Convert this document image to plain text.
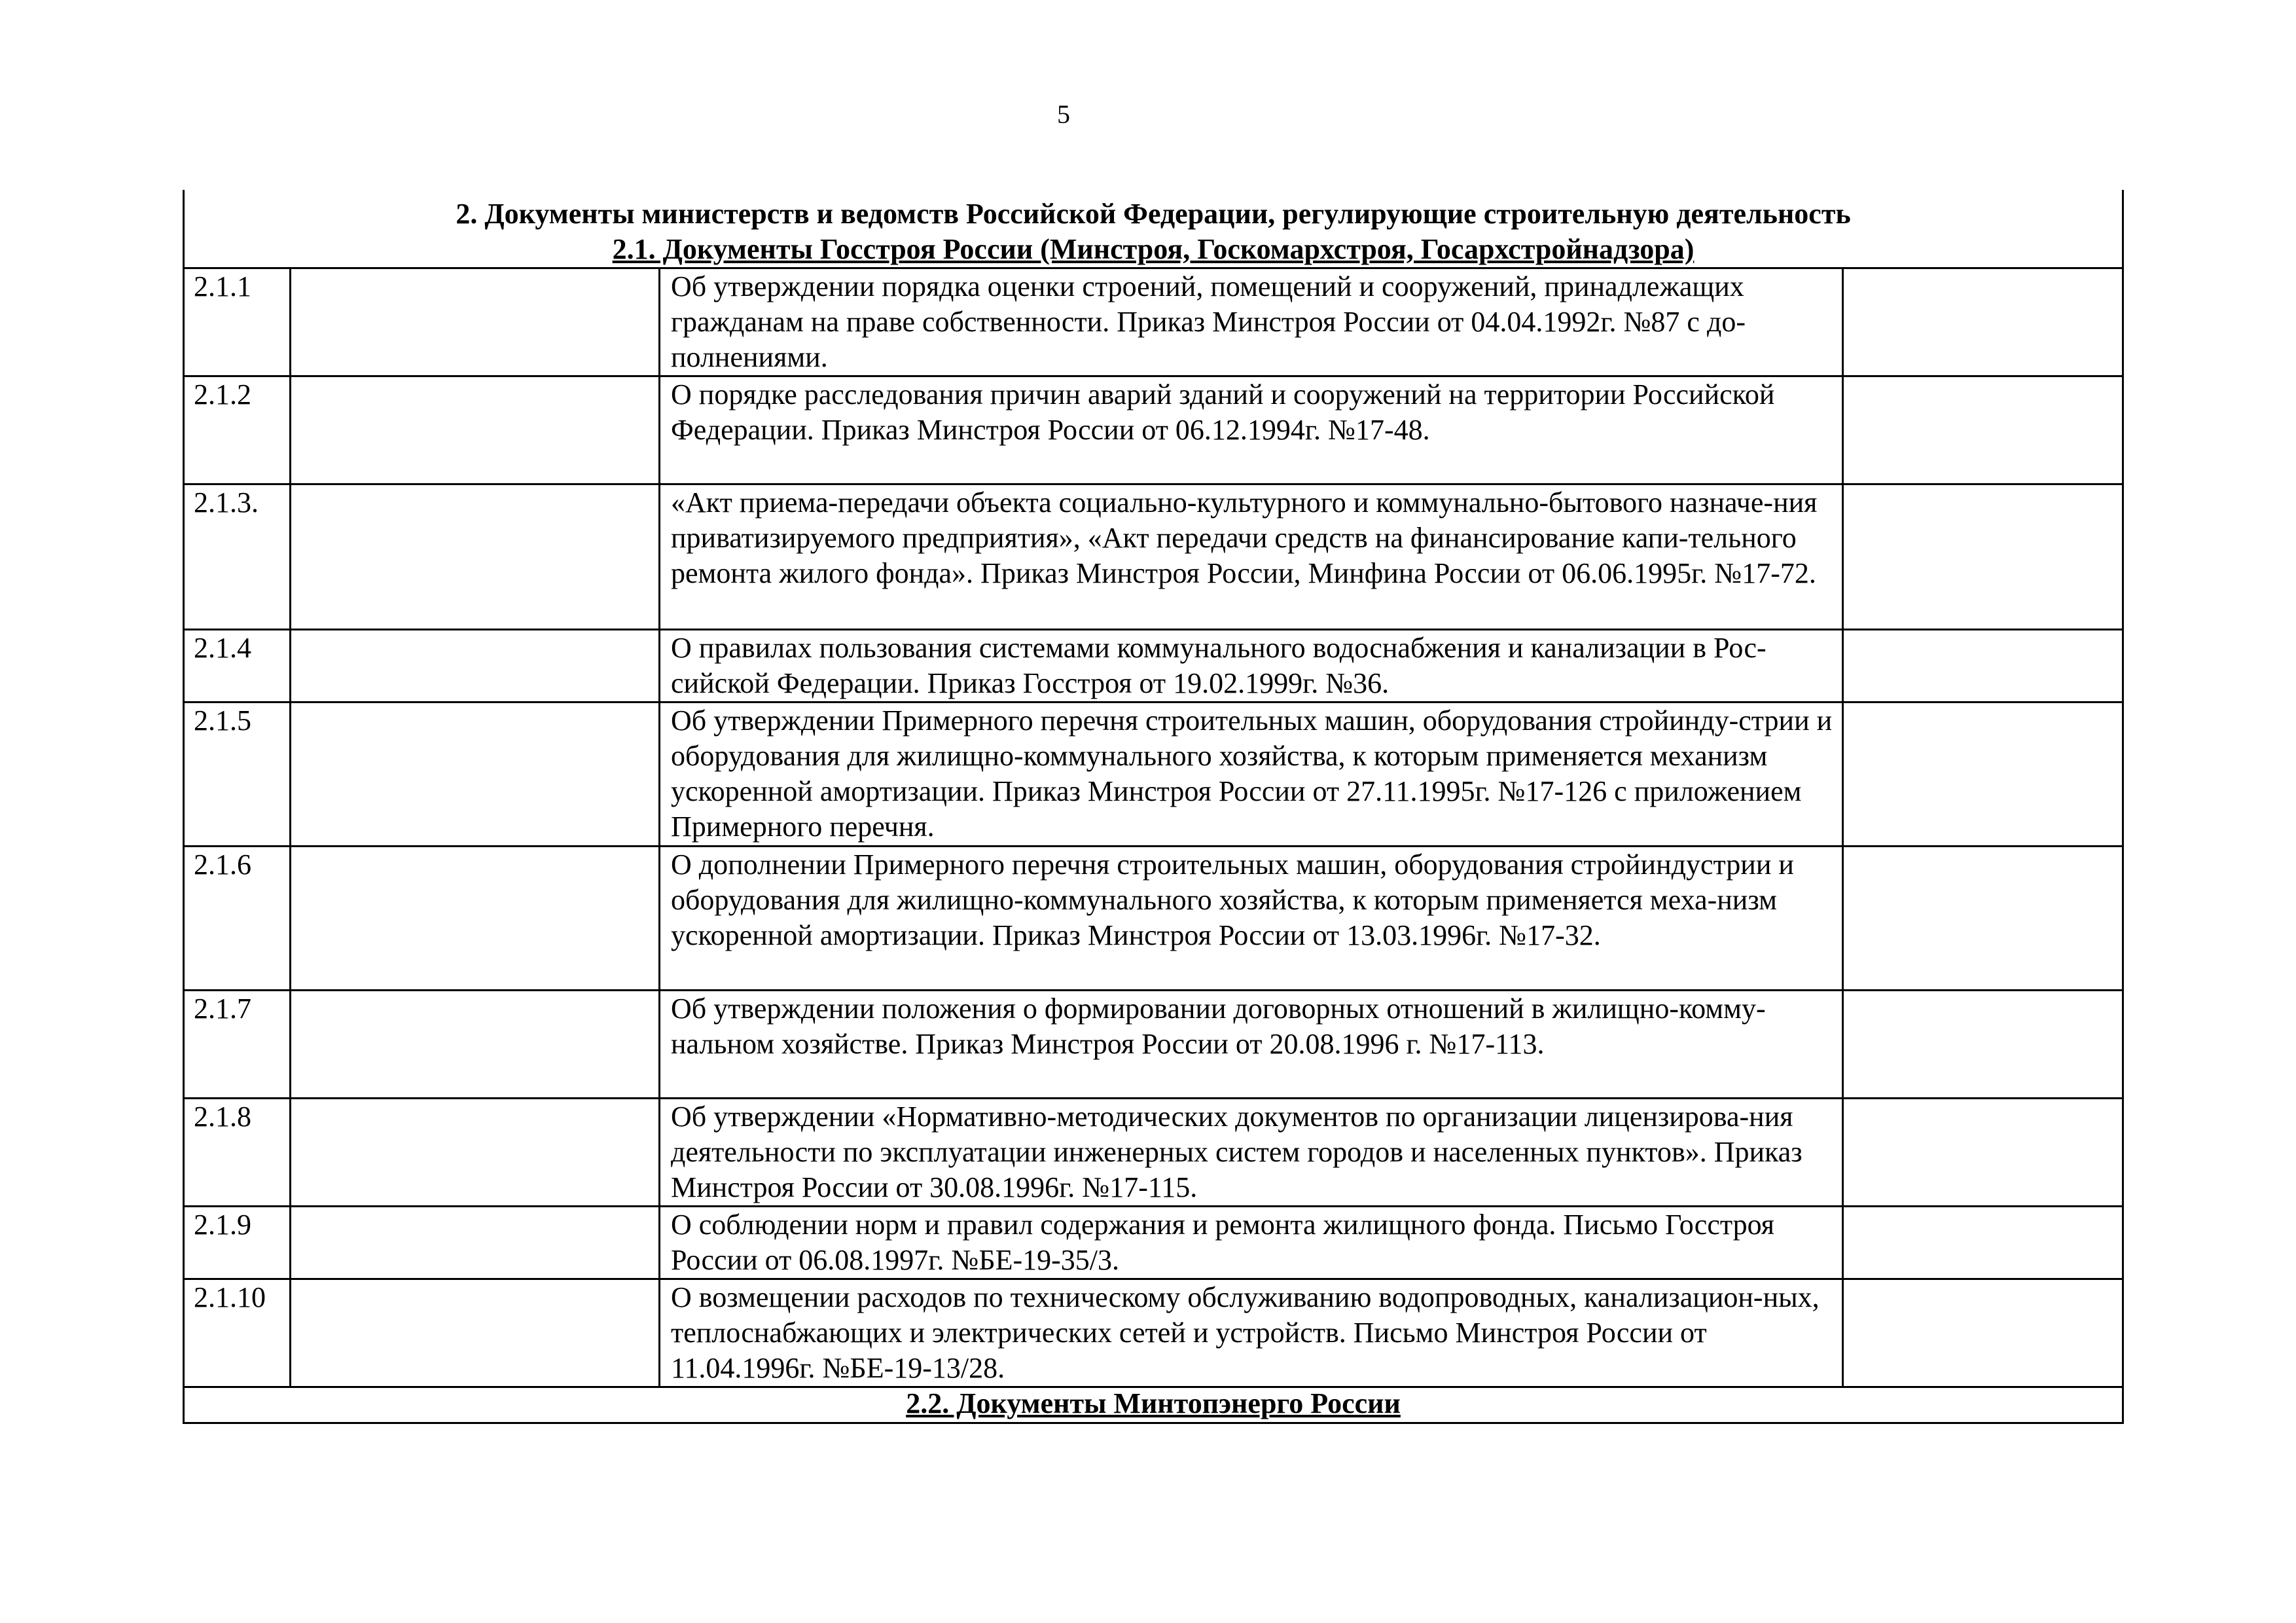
5
2. Документы министерств и ведомств Российской Федерации, регулирующие строительную деятельность
2.1. Документы Госстроя России (Минстроя, Госкомархстроя, Госархстройнадзора)			

2.1.1		Об утверждении порядка оценки строений, помещений и сооружений, принадлежащих гражданам на праве собственности. Приказ Минстроя России от 04.04.1992г. №87 с до-полнениями.	
2.1.2		О порядке расследования причин аварий зданий и сооружений на территории Российской Федерации. Приказ Минстроя России от 06.12.1994г. №17-48.	
2.1.3.		«Акт приема-передачи объекта социально-культурного и коммунально-бытового назначе-ния приватизируемого предприятия», «Акт передачи средств на финансирование капи-тельного ремонта жилого фонда». Приказ Минстроя России, Минфина России от 06.06.1995г. №17-72.	
2.1.4		О правилах пользования системами коммунального водоснабжения и канализации в Рос-сийской Федерации. Приказ Госстроя от 19.02.1999г. №36.	
2.1.5		Об утверждении Примерного перечня строительных машин, оборудования стройинду-стрии и оборудования для жилищно-коммунального хозяйства, к которым применяется механизм ускоренной амортизации. Приказ Минстроя России от 27.11.1995г. №17-126 с приложением Примерного перечня.	
2.1.6		О дополнении Примерного перечня строительных машин, оборудования стройиндустрии и оборудования для жилищно-коммунального хозяйства, к которым применяется меха-низм ускоренной амортизации. Приказ Минстроя России от 13.03.1996г. №17-32.	
2.1.7		Об утверждении положения о формировании договорных отношений в жилищно-комму-нальном хозяйстве. Приказ Минстроя России от 20.08.1996 г. №17-113.	
2.1.8		Об утверждении «Нормативно-методических документов по организации лицензирова-ния деятельности по эксплуатации инженерных систем городов и населенных пунктов». Приказ Минстроя России от 30.08.1996г. №17-115.	
2.1.9		О соблюдении норм и правил содержания и ремонта жилищного фонда. Письмо Госстроя России от 06.08.1997г. №БЕ-19-35/3.	
2.1.10		О возмещении расходов по техническому обслуживанию водопроводных, канализацион-ных, теплоснабжающих и электрических сетей и устройств. Письмо Минстроя России от 11.04.1996г. №БЕ-19-13/28.	
2.2. Документы Минтопэнерго России			
